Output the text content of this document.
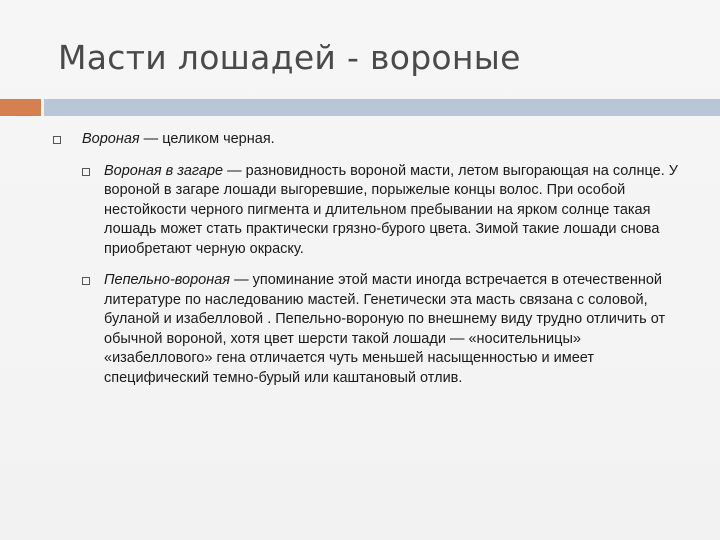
Масти лошадей - вороные
Вороная — целиком черная.
Вороная в загаре — разновидность вороной масти, летом выгорающая на солнце. У вороной в загаре лошади выгоревшие, порыжелые концы волос. При особой нестойкости черного пигмента и длительном пребывании на ярком солнце такая лошадь может стать практически грязно-бурого цвета. Зимой такие лошади снова приобретают черную окраску.
Пепельно-вороная — упоминание этой масти иногда встречается в отечественной литературе по наследованию мастей. Генетически эта масть связана с соловой, буланой и изабелловой . Пепельно-вороную по внешнему виду трудно отличить от обычной вороной, хотя цвет шерсти такой лошади — «носительницы» «изабеллового» гена отличается чуть меньшей насыщенностью и имеет специфический темно-бурый или каштановый отлив.
